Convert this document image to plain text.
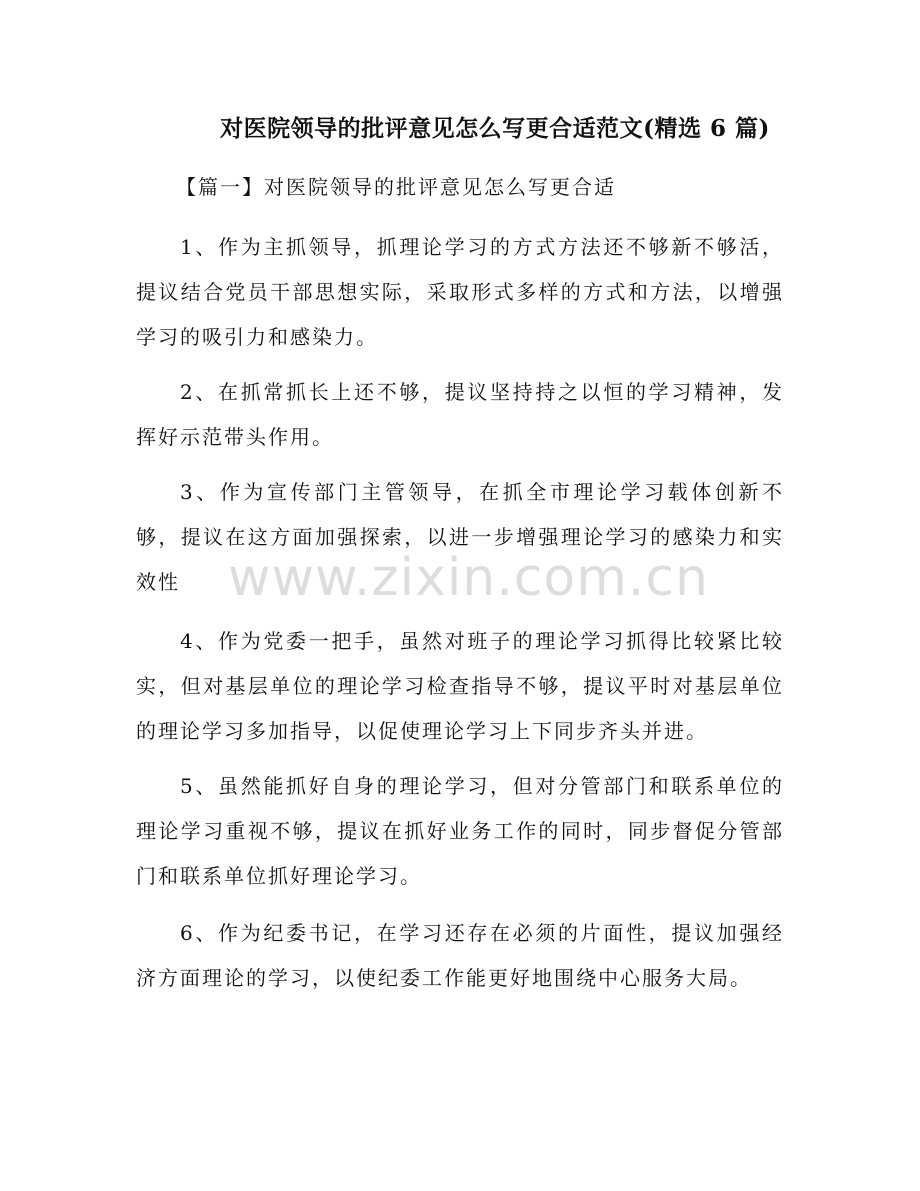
对医院领导的批评意见怎么写更合适范文(精选 6 篇)
【篇一】对医院领导的批评意见怎么写更合适

1、作为主抓领导，抓理论学习的方式方法还不够新不够活，提议结合党员干部思想实际，采取形式多样的方式和方法，以增强学习的吸引力和感染力。

2、在抓常抓长上还不够，提议坚持持之以恒的学习精神，发挥好示范带头作用。

3、作为宣传部门主管领导，在抓全市理论学习载体创新不够，提议在这方面加强探索，以进一步增强理论学习的感染力和实效性

4、作为党委一把手，虽然对班子的理论学习抓得比较紧比较实，但对基层单位的理论学习检查指导不够，提议平时对基层单位的理论学习多加指导，以促使理论学习上下同步齐头并进。

5、虽然能抓好自身的理论学习，但对分管部门和联系单位的理论学习重视不够，提议在抓好业务工作的同时，同步督促分管部门和联系单位抓好理论学习。

6、作为纪委书记，在学习还存在必须的片面性，提议加强经济方面理论的学习，以使纪委工作能更好地围绕中心服务大局。

www.zixin.com.cn
